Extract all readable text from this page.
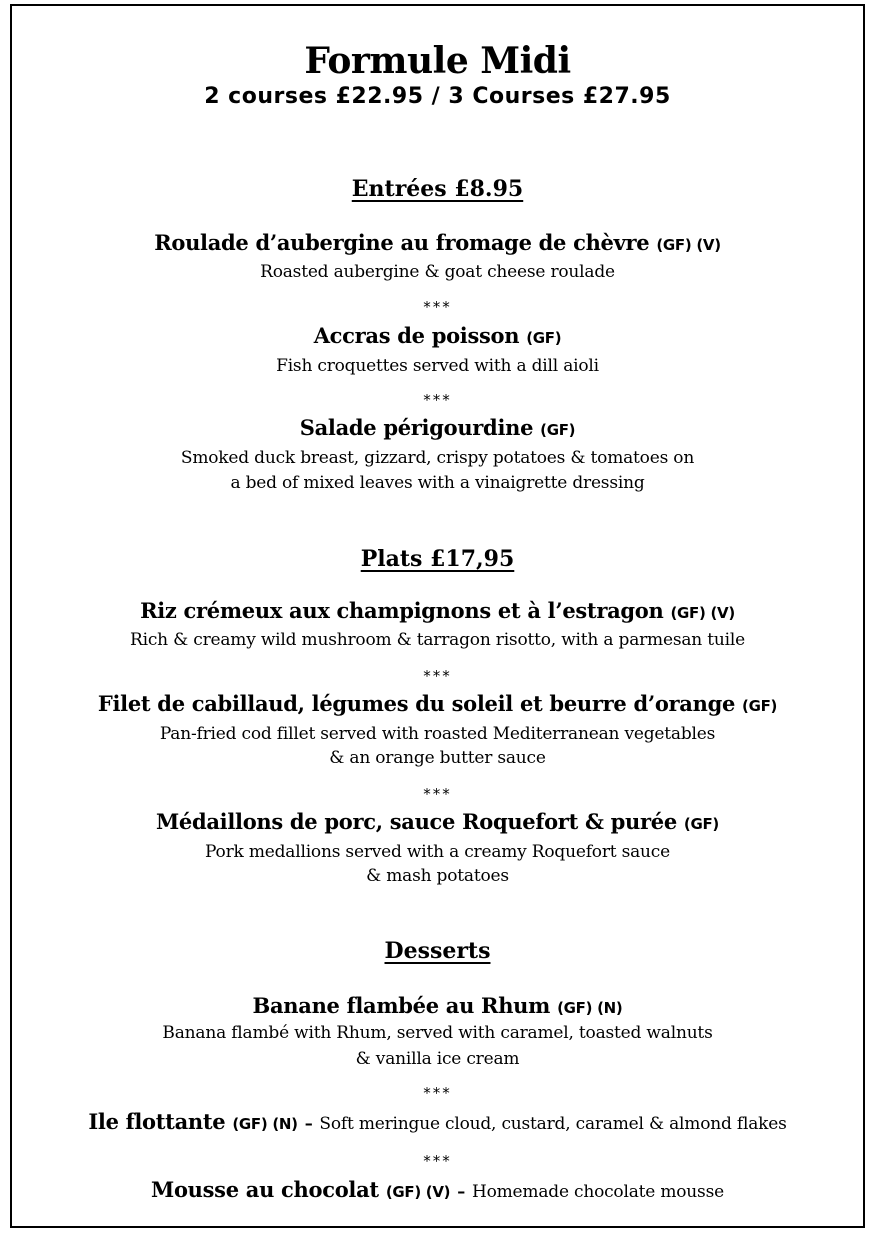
Formule Midi
2 courses £22.95 / 3 Courses £27.95
Entrées £8.95
Roulade d’aubergine au fromage de chèvre (GF) (V)
Roasted aubergine & goat cheese roulade
***
Accras de poisson (GF)
Fish croquettes served with a dill aioli
***
Salade périgourdine (GF)
Smoked duck breast, gizzard, crispy potatoes & tomatoes on
a bed of mixed leaves with a vinaigrette dressing
Plats £17,95
Riz crémeux aux champignons et à l’estragon (GF) (V)
Rich & creamy wild mushroom & tarragon risotto, with a parmesan tuile
***
Filet de cabillaud, légumes du soleil et beurre d’orange (GF)
Pan-fried cod fillet served with roasted Mediterranean vegetables
& an orange butter sauce
***
Médaillons de porc, sauce Roquefort & purée (GF)
Pork medallions served with a creamy Roquefort sauce
& mash potatoes
Desserts
Banane flambée au Rhum (GF) (N)
Banana flambé with Rhum, served with caramel, toasted walnuts
& vanilla ice cream
***
Ile flottante (GF) (N) – Soft meringue cloud, custard, caramel & almond flakes
***
Mousse au chocolat (GF) (V) – Homemade chocolate mousse
